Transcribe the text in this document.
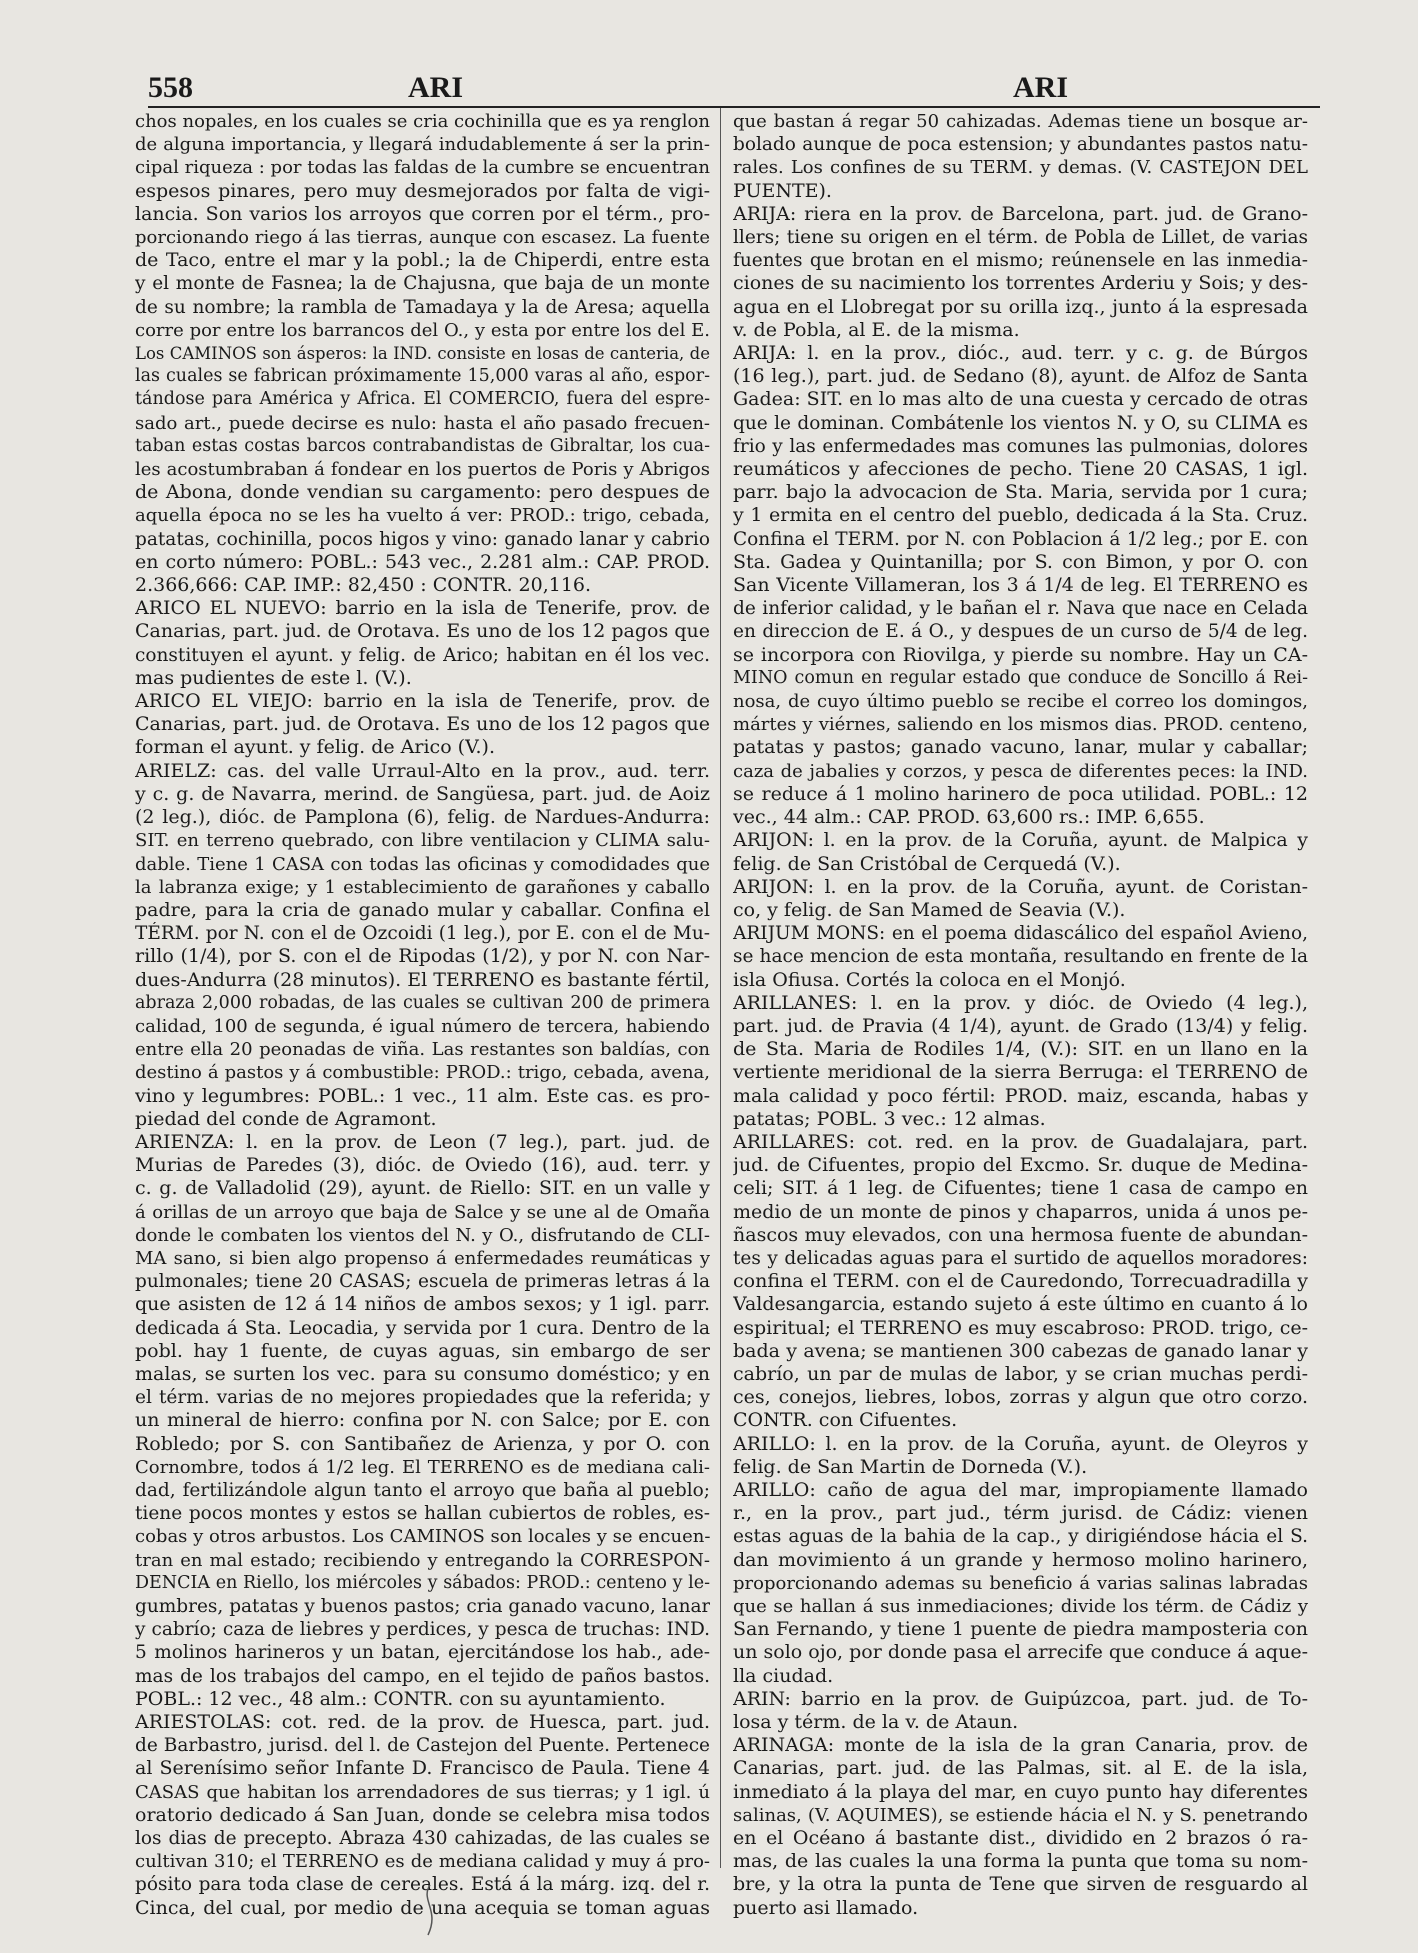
558	ARI	ARI
chos nopales, en los cuales se cria cochinilla que es ya renglon
de alguna importancia, y llegará indudablemente á ser la prin-
cipal riqueza : por todas las faldas de la cumbre se encuentran
espesos pinares, pero muy desmejorados por falta de vigi-
lancia. Son varios los arroyos que corren por el térm., pro-
porcionando riego á las tierras, aunque con escasez. La fuente
de Taco, entre el mar y la pobl.; la de Chiperdi, entre esta
y el monte de Fasnea; la de Chajusna, que baja de un monte
de su nombre; la rambla de Tamadaya y la de Aresa; aquella
corre por entre los barrancos del O., y esta por entre los del E.
Los CAMINOS son ásperos: la IND. consiste en losas de canteria, de
las cuales se fabrican próximamente 15,000 varas al año, espor-
tándose para América y Africa. El COMERCIO, fuera del espre-
sado art., puede decirse es nulo: hasta el año pasado frecuen-
taban estas costas barcos contrabandistas de Gibraltar, los cua-
les acostumbraban á fondear en los puertos de Poris y Abrigos
de Abona, donde vendian su cargamento: pero despues de
aquella época no se les ha vuelto á ver: PROD.: trigo, cebada,
patatas, cochinilla, pocos higos y vino: ganado lanar y cabrio
en corto número: POBL.: 543 vec., 2.281 alm.: CAP. PROD.
2.366,666: CAP. IMP.: 82,450 : CONTR. 20,116.
ARICO EL NUEVO: barrio en la isla de Tenerife, prov. de
Canarias, part. jud. de Orotava. Es uno de los 12 pagos que
constituyen el ayunt. y felig. de Arico; habitan en él los vec.
mas pudientes de este l. (V.).
ARICO EL VIEJO: barrio en la isla de Tenerife, prov. de
Canarias, part. jud. de Orotava. Es uno de los 12 pagos que
forman el ayunt. y felig. de Arico (V.).
ARIELZ: cas. del valle Urraul-Alto en la prov., aud. terr.
y c. g. de Navarra, merind. de Sangüesa, part. jud. de Aoiz
(2 leg.), dióc. de Pamplona (6), felig. de Nardues-Andurra:
SIT. en terreno quebrado, con libre ventilacion y CLIMA salu-
dable. Tiene 1 CASA con todas las oficinas y comodidades que
la labranza exige; y 1 establecimiento de garañones y caballo
padre, para la cria de ganado mular y caballar. Confina el
TÉRM. por N. con el de Ozcoidi (1 leg.), por E. con el de Mu-
rillo (1/4), por S. con el de Ripodas (1/2), y por N. con Nar-
dues-Andurra (28 minutos). El TERRENO es bastante fértil,
abraza 2,000 robadas, de las cuales se cultivan 200 de primera
calidad, 100 de segunda, é igual número de tercera, habiendo
entre ella 20 peonadas de viña. Las restantes son baldías, con
destino á pastos y á combustible: PROD.: trigo, cebada, avena,
vino y legumbres: POBL.: 1 vec., 11 alm. Este cas. es pro-
piedad del conde de Agramont.
ARIENZA: l. en la prov. de Leon (7 leg.), part. jud. de
Murias de Paredes (3), dióc. de Oviedo (16), aud. terr. y
c. g. de Valladolid (29), ayunt. de Riello: SIT. en un valle y
á orillas de un arroyo que baja de Salce y se une al de Omaña
donde le combaten los vientos del N. y O., disfrutando de CLI-
MA sano, si bien algo propenso á enfermedades reumáticas y
pulmonales; tiene 20 CASAS; escuela de primeras letras á la
que asisten de 12 á 14 niños de ambos sexos; y 1 igl. parr.
dedicada á Sta. Leocadia, y servida por 1 cura. Dentro de la
pobl. hay 1 fuente, de cuyas aguas, sin embargo de ser
malas, se surten los vec. para su consumo doméstico; y en
el térm. varias de no mejores propiedades que la referida; y
un mineral de hierro: confina por N. con Salce; por E. con
Robledo; por S. con Santibañez de Arienza, y por O. con
Cornombre, todos á 1/2 leg. El TERRENO es de mediana cali-
dad, fertilizándole algun tanto el arroyo que baña al pueblo;
tiene pocos montes y estos se hallan cubiertos de robles, es-
cobas y otros arbustos. Los CAMINOS son locales y se encuen-
tran en mal estado; recibiendo y entregando la CORRESPON-
DENCIA en Riello, los miércoles y sábados: PROD.: centeno y le-
gumbres, patatas y buenos pastos; cria ganado vacuno, lanar
y cabrío; caza de liebres y perdices, y pesca de truchas: IND.
5 molinos harineros y un batan, ejercitándose los hab., ade-
mas de los trabajos del campo, en el tejido de paños bastos.
POBL.: 12 vec., 48 alm.: CONTR. con su ayuntamiento.
ARIESTOLAS: cot. red. de la prov. de Huesca, part. jud.
de Barbastro, jurisd. del l. de Castejon del Puente. Pertenece
al Serenísimo señor Infante D. Francisco de Paula. Tiene 4
CASAS que habitan los arrendadores de sus tierras; y 1 igl. ú
oratorio dedicado á San Juan, donde se celebra misa todos
los dias de precepto. Abraza 430 cahizadas, de las cuales se
cultivan 310; el TERRENO es de mediana calidad y muy á pro-
pósito para toda clase de cereales. Está á la márg. izq. del r.
Cinca, del cual, por medio de una acequia se toman aguas
que bastan á regar 50 cahizadas. Ademas tiene un bosque ar-
bolado aunque de poca estension; y abundantes pastos natu-
rales. Los confines de su TERM. y demas. (V. CASTEJON DEL
PUENTE).
ARIJA: riera en la prov. de Barcelona, part. jud. de Grano-
llers; tiene su origen en el térm. de Pobla de Lillet, de varias
fuentes que brotan en el mismo; reúnensele en las inmedia-
ciones de su nacimiento los torrentes Arderiu y Sois; y des-
agua en el Llobregat por su orilla izq., junto á la espresada
v. de Pobla, al E. de la misma.
ARIJA: l. en la prov., dióc., aud. terr. y c. g. de Búrgos
(16 leg.), part. jud. de Sedano (8), ayunt. de Alfoz de Santa
Gadea: SIT. en lo mas alto de una cuesta y cercado de otras
que le dominan. Combátenle los vientos N. y O, su CLIMA es
frio y las enfermedades mas comunes las pulmonias, dolores
reumáticos y afecciones de pecho. Tiene 20 CASAS, 1 igl.
parr. bajo la advocacion de Sta. Maria, servida por 1 cura;
y 1 ermita en el centro del pueblo, dedicada á la Sta. Cruz.
Confina el TERM. por N. con Poblacion á 1/2 leg.; por E. con
Sta. Gadea y Quintanilla; por S. con Bimon, y por O. con
San Vicente Villameran, los 3 á 1/4 de leg. El TERRENO es
de inferior calidad, y le bañan el r. Nava que nace en Celada
en direccion de E. á O., y despues de un curso de 5/4 de leg.
se incorpora con Riovilga, y pierde su nombre. Hay un CA-
MINO comun en regular estado que conduce de Soncillo á Rei-
nosa, de cuyo último pueblo se recibe el correo los domingos,
mártes y viérnes, saliendo en los mismos dias. PROD. centeno,
patatas y pastos; ganado vacuno, lanar, mular y caballar;
caza de jabalies y corzos, y pesca de diferentes peces: la IND.
se reduce á 1 molino harinero de poca utilidad. POBL.: 12
vec., 44 alm.: CAP. PROD. 63,600 rs.: IMP. 6,655.
ARIJON: l. en la prov. de la Coruña, ayunt. de Malpica y
felig. de San Cristóbal de Cerquedá (V.).
ARIJON: l. en la prov. de la Coruña, ayunt. de Coristan-
co, y felig. de San Mamed de Seavia (V.).
ARIJUM MONS: en el poema didascálico del español Avieno,
se hace mencion de esta montaña, resultando en frente de la
isla Ofiusa. Cortés la coloca en el Monjó.
ARILLANES: l. en la prov. y dióc. de Oviedo (4 leg.),
part. jud. de Pravia (4 1/4), ayunt. de Grado (13/4) y felig.
de Sta. Maria de Rodiles 1/4, (V.): SIT. en un llano en la
vertiente meridional de la sierra Berruga: el TERRENO de
mala calidad y poco fértil: PROD. maiz, escanda, habas y
patatas; POBL. 3 vec.: 12 almas.
ARILLARES: cot. red. en la prov. de Guadalajara, part.
jud. de Cifuentes, propio del Excmo. Sr. duque de Medina-
celi; SIT. á 1 leg. de Cifuentes; tiene 1 casa de campo en
medio de un monte de pinos y chaparros, unida á unos pe-
ñascos muy elevados, con una hermosa fuente de abundan-
tes y delicadas aguas para el surtido de aquellos moradores:
confina el TERM. con el de Cauredondo, Torrecuadradilla y
Valdesangarcia, estando sujeto á este último en cuanto á lo
espiritual; el TERRENO es muy escabroso: PROD. trigo, ce-
bada y avena; se mantienen 300 cabezas de ganado lanar y
cabrío, un par de mulas de labor, y se crian muchas perdi-
ces, conejos, liebres, lobos, zorras y algun que otro corzo.
CONTR. con Cifuentes.
ARILLO: l. en la prov. de la Coruña, ayunt. de Oleyros y
felig. de San Martin de Dorneda (V.).
ARILLO: caño de agua del mar, impropiamente llamado
r., en la prov., part jud., térm jurisd. de Cádiz: vienen
estas aguas de la bahia de la cap., y dirigiéndose hácia el S.
dan movimiento á un grande y hermoso molino harinero,
proporcionando ademas su beneficio á varias salinas labradas
que se hallan á sus inmediaciones; divide los térm. de Cádiz y
San Fernando, y tiene 1 puente de piedra mamposteria con
un solo ojo, por donde pasa el arrecife que conduce á aque-
lla ciudad.
ARIN: barrio en la prov. de Guipúzcoa, part. jud. de To-
losa y térm. de la v. de Ataun.
ARINAGA: monte de la isla de la gran Canaria, prov. de
Canarias, part. jud. de las Palmas, sit. al E. de la isla,
inmediato á la playa del mar, en cuyo punto hay diferentes
salinas, (V. AQUIMES), se estiende hácia el N. y S. penetrando
en el Océano á bastante dist., dividido en 2 brazos ó ra-
mas, de las cuales la una forma la punta que toma su nom-
bre, y la otra la punta de Tene que sirven de resguardo al
puerto asi llamado.
